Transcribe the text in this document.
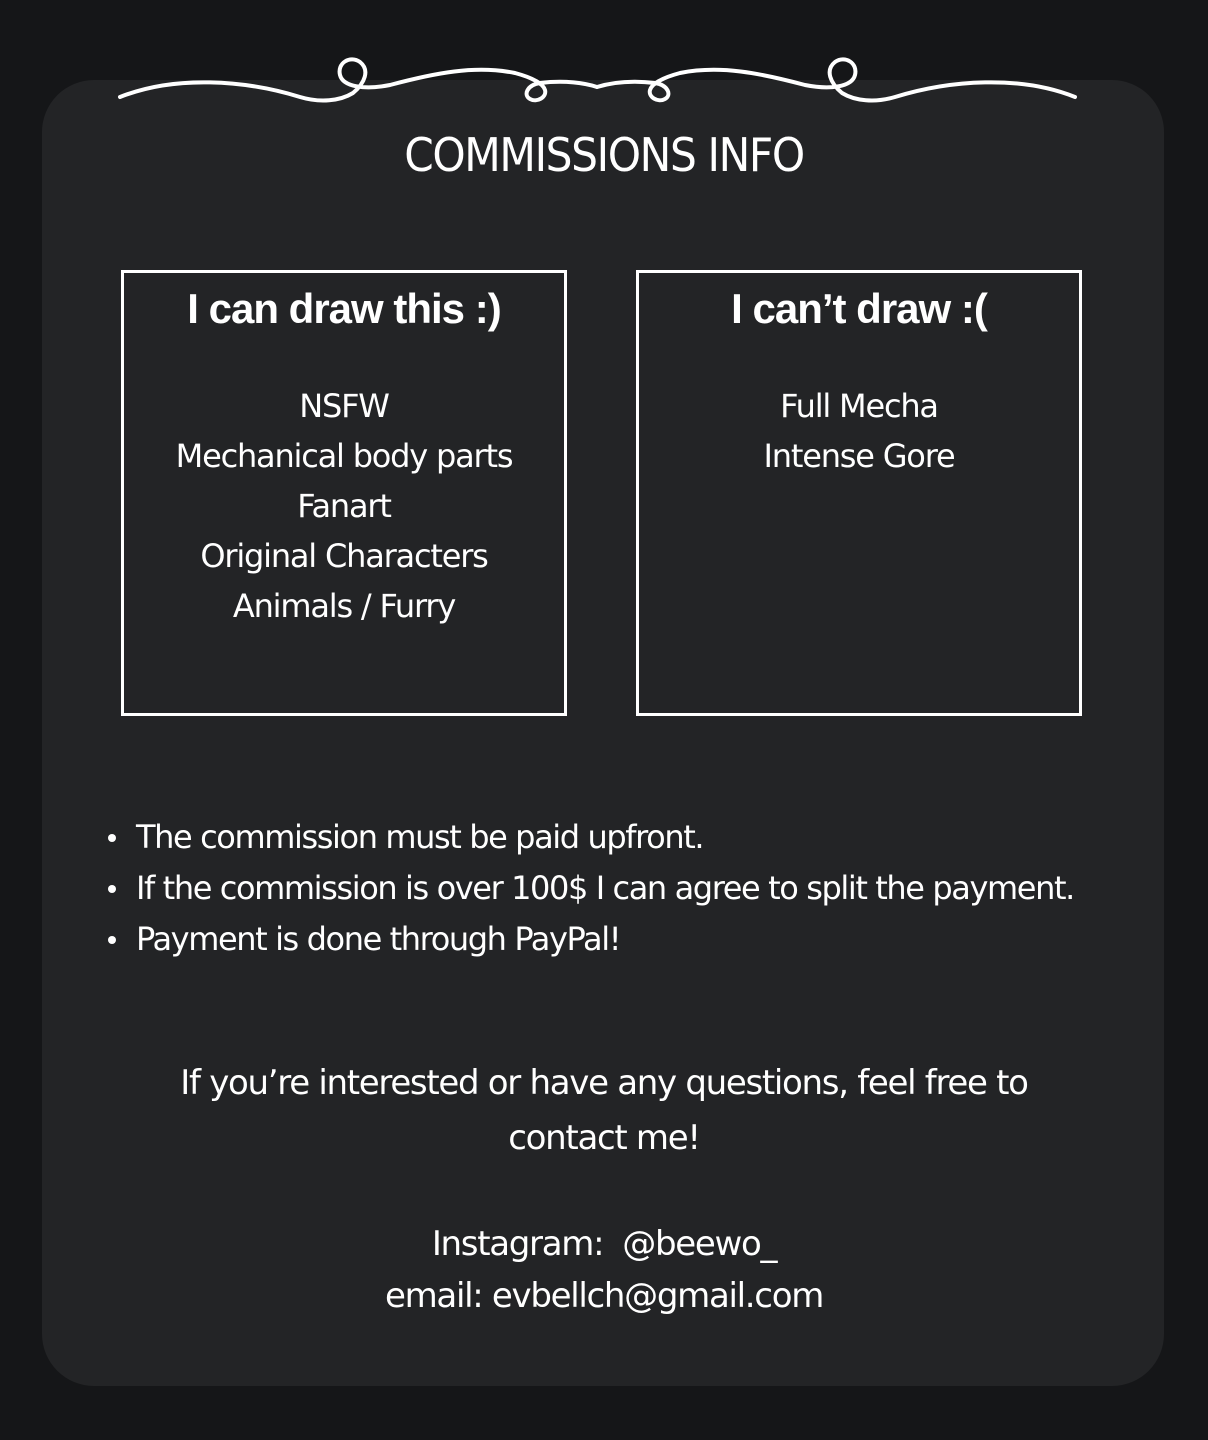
COMMISSIONS INFO
I can draw this :)
NSFW
Mechanical body parts
Fanart
Original Characters
Animals / Furry
I can’t draw :(
Full Mecha
Intense Gore
The commission must be paid upfront.
If the commission is over 100$ I can agree to split the payment.
Payment is done through PayPal!

If you’re interested or have any questions, feel free to contact me!

Instagram:  @beewo_
email: evbellch@gmail.com
